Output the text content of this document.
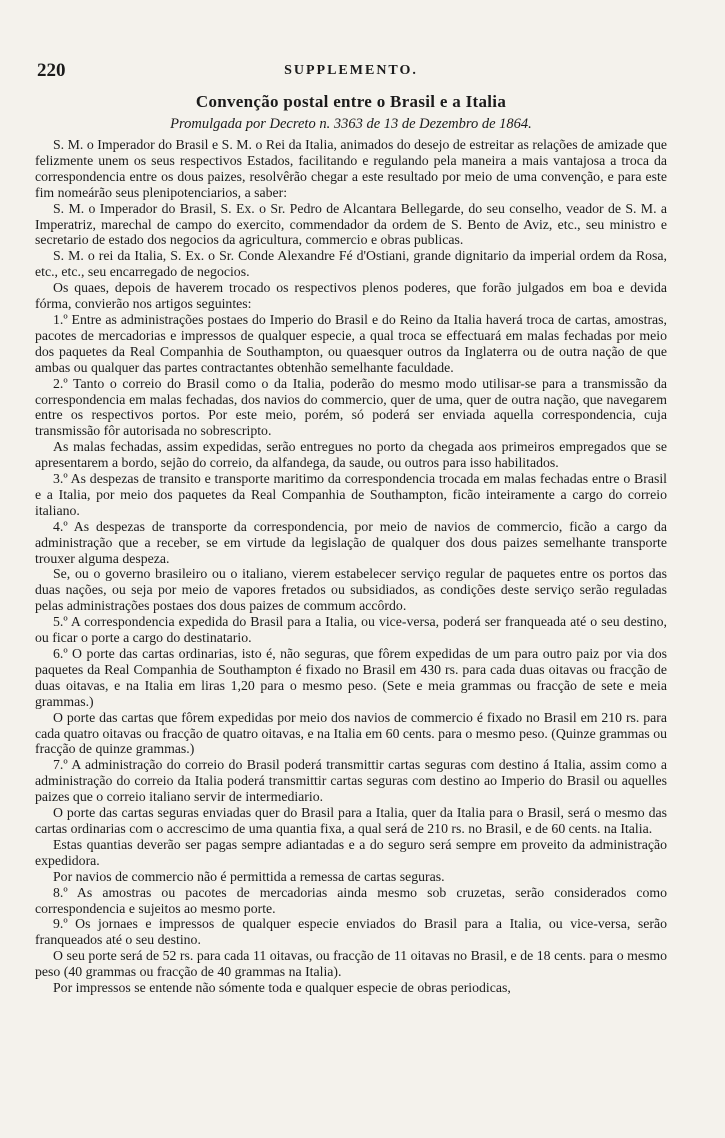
220	SUPPLEMENTO.
Convenção postal entre o Brasil e a Italia
Promulgada por Decreto n. 3363 de 13 de Dezembro de 1864.

S. M. o Imperador do Brasil e S. M. o Rei da Italia, animados do desejo de estreitar as relações de amizade que felizmente unem os seus respectivos Estados, facilitando e regulando pela maneira a mais vantajosa a troca da correspondencia entre os dous paizes, resolvêrão chegar a este resultado por meio de uma convenção, e para este fim nomeárão seus plenipotenciarios, a saber:

S. M. o Imperador do Brasil, S. Ex. o Sr. Pedro de Alcantara Bellegarde, do seu conselho, veador de S. M. a Imperatriz, marechal de campo do exercito, commendador da ordem de S. Bento de Aviz, etc., seu ministro e secretario de estado dos negocios da agricultura, commercio e obras publicas.

S. M. o rei da Italia, S. Ex. o Sr. Conde Alexandre Fé d'Ostiani, grande dignitario da imperial ordem da Rosa, etc., etc., seu encarregado de negocios.

Os quaes, depois de haverem trocado os respectivos plenos poderes, que forão julgados em boa e devida fórma, convierão nos artigos seguintes:

1.º Entre as administrações postaes do Imperio do Brasil e do Reino da Italia haverá troca de cartas, amostras, pacotes de mercadorias e impressos de qualquer especie, a qual troca se effectuará em malas fechadas por meio dos paquetes da Real Companhia de Southampton, ou quaesquer outros da Inglaterra ou de outra nação de que ambas ou qualquer das partes contractantes obtenhão semelhante faculdade.

2.º Tanto o correio do Brasil como o da Italia, poderão do mesmo modo utilisar-se para a transmissão da correspondencia em malas fechadas, dos navios do commercio, quer de uma, quer de outra nação, que navegarem entre os respectivos portos. Por este meio, porém, só poderá ser enviada aquella correspondencia, cuja transmissão fôr autorisada no sobrescripto.

As malas fechadas, assim expedidas, serão entregues no porto da chegada aos primeiros empregados que se apresentarem a bordo, sejão do correio, da alfandega, da saude, ou outros para isso habilitados.

3.º As despezas de transito e transporte maritimo da correspondencia trocada em malas fechadas entre o Brasil e a Italia, por meio dos paquetes da Real Companhia de Southampton, ficão inteiramente a cargo do correio italiano.

4.º As despezas de transporte da correspondencia, por meio de navios de commercio, ficão a cargo da administração que a receber, se em virtude da legislação de qualquer dos dous paizes semelhante transporte trouxer alguma despeza.

Se, ou o governo brasileiro ou o italiano, vierem estabelecer serviço regular de paquetes entre os portos das duas nações, ou seja por meio de vapores fretados ou subsidiados, as condições deste serviço serão reguladas pelas administrações postaes dos dous paizes de commum accôrdo.

5.º A correspondencia expedida do Brasil para a Italia, ou vice-versa, poderá ser franqueada até o seu destino, ou ficar o porte a cargo do destinatario.

6.º O porte das cartas ordinarias, isto é, não seguras, que fôrem expedidas de um para outro paiz por via dos paquetes da Real Companhia de Southampton é fixado no Brasil em 430 rs. para cada duas oitavas ou fracção de duas oitavas, e na Italia em liras 1,20 para o mesmo peso. (Sete e meia grammas ou fracção de sete e meia grammas.)

O porte das cartas que fôrem expedidas por meio dos navios de commercio é fixado no Brasil em 210 rs. para cada quatro oitavas ou fracção de quatro oitavas, e na Italia em 60 cents. para o mesmo peso. (Quinze grammas ou fracção de quinze grammas.)

7.º A administração do correio do Brasil poderá transmittir cartas seguras com destino á Italia, assim como a administração do correio da Italia poderá transmittir cartas seguras com destino ao Imperio do Brasil ou aquelles paizes que o correio italiano servir de intermediario.

O porte das cartas seguras enviadas quer do Brasil para a Italia, quer da Italia para o Brasil, será o mesmo das cartas ordinarias com o accrescimo de uma quantia fixa, a qual será de 210 rs. no Brasil, e de 60 cents. na Italia.

Estas quantias deverão ser pagas sempre adiantadas e a do seguro será sempre em proveito da administração expedidora.

Por navios de commercio não é permittida a remessa de cartas seguras.

8.º As amostras ou pacotes de mercadorias ainda mesmo sob cruzetas, serão considerados como correspondencia e sujeitos ao mesmo porte.

9.º Os jornaes e impressos de qualquer especie enviados do Brasil para a Italia, ou vice-versa, serão franqueados até o seu destino.

O seu porte será de 52 rs. para cada 11 oitavas, ou fracção de 11 oitavas no Brasil, e de 18 cents. para o mesmo peso (40 grammas ou fracção de 40 grammas na Italia).

Por impressos se entende não sómente toda e qualquer especie de obras periodicas,
